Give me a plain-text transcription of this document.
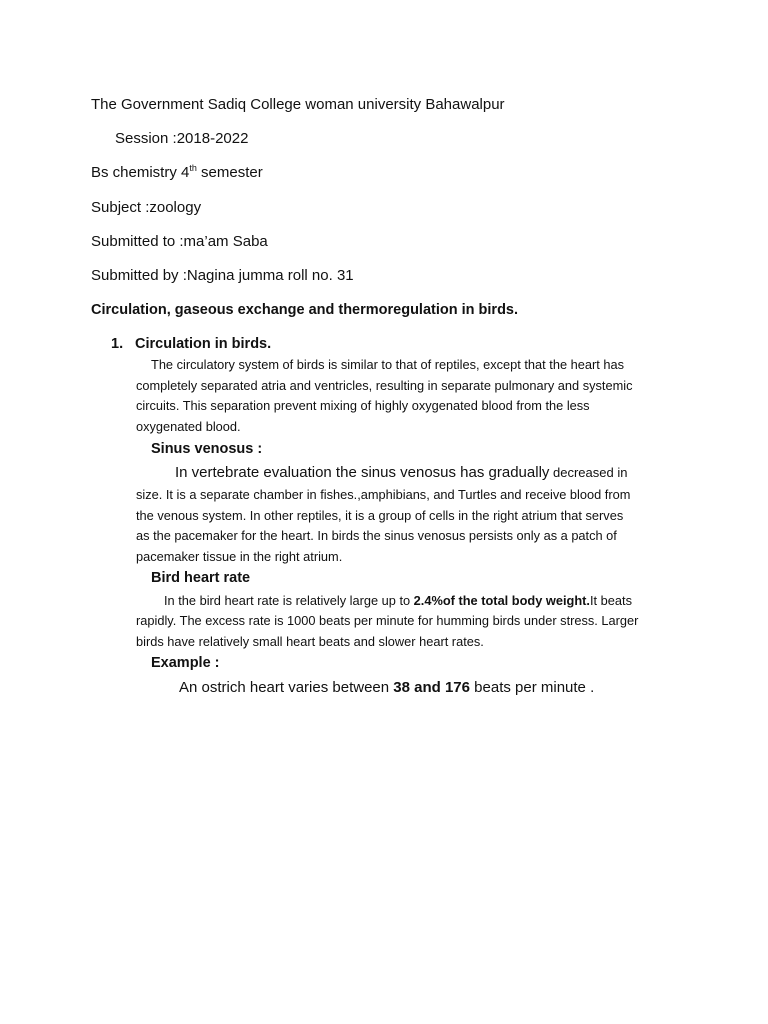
The Government Sadiq College woman university Bahawalpur
Session :2018-2022
Bs chemistry 4th semester
Subject :zoology
Submitted to :ma’am Saba
Submitted by :Nagina jumma roll no. 31
Circulation, gaseous exchange and thermoregulation in birds.
1. Circulation in birds.
The circulatory system of birds is similar to that of reptiles, except that the heart has
completely separated atria and ventricles, resulting in separate pulmonary and systemic
circuits. This separation prevent mixing of highly oxygenated blood from the less
oxygenated blood.
Sinus venosus :
In vertebrate evaluation the sinus venosus has gradually decreased in
size. It is a separate chamber in fishes.,amphibians, and Turtles and receive blood from
the venous system. In other reptiles, it is a group of cells in the right atrium that serves
as the pacemaker for the heart. In birds the sinus venosus persists only as a patch of
pacemaker tissue in the right atrium.
Bird heart rate
In the bird heart rate is relatively large up to 2.4%of the total body weight.It beats
rapidly. The excess rate is 1000 beats per minute for humming birds under stress. Larger
birds have relatively small heart beats and slower heart rates.
Example :
An ostrich heart varies between 38 and 176 beats per minute .
